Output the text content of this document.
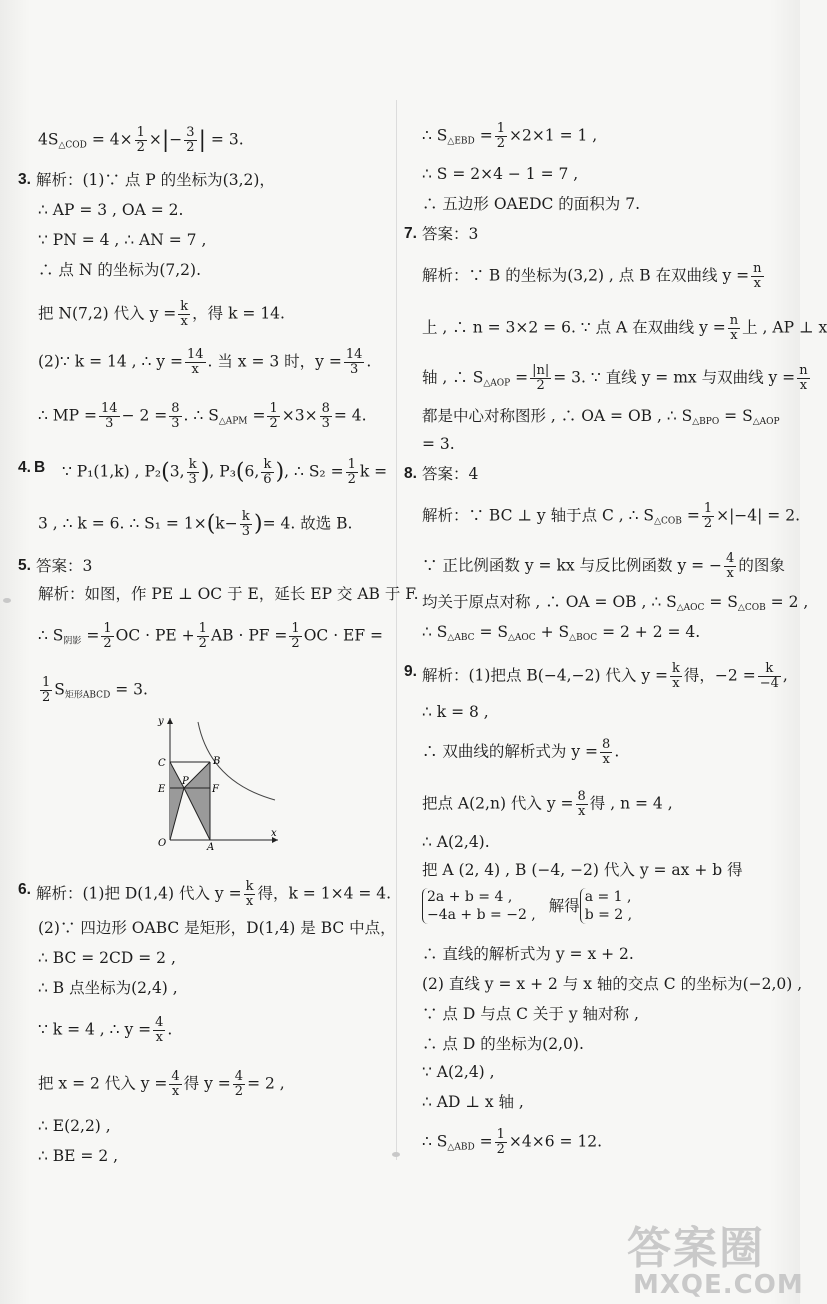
$4S_{\triangle COD} = 4\times \frac{1}{2}$ ×|− $\frac{3}{2}$ | = 3.
3. 解析：(1)∵ 点 P 的坐标为(3,2)，
∴ AP = 3 , OA = 2.
∵ PN = 4 , ∴ AN = 7 ,
∴ 点 N 的坐标为(7,2).
把 N(7,2) 代入 $y = \frac{k}{x}$ ，得 k = 14.
(2)∵ k = 14 , ∴ $y = \frac{14}{x}$ . 当 x = 3 时，$y = \frac{14}{3}$ .
∴ MP = $\frac{14}{3} - 2 = \frac{8}{3}$ . ∴ $S_{\triangle APM} = \frac{1}{2} \times 3\times \frac{8}{3} = 4$.
4. B ∵ P₁(1,k) , P₂(3, $\frac{k}{3}$ ), P₃(6, $\frac{k}{6}$ ), ∴ $S_2 = \frac{1}{2}$ k =
3 , ∴ k = 6. ∴ $S_1 = 1\times(k- \frac{k}{3}$ )= 4. 故选 B.
5. 答案：3
解析：如图，作 PE ⊥ OC 于 E，延长 EP 交 AB 于 F.
∴ $S_{阴影} = \frac{1}{2}$ OC · PE + $\frac{1}{2}$ AB · PF = $\frac{1}{2}$ OC · EF =
$\frac{1}{2} S_{矩形ABCD} = 3$.
y
C	B
E
P
F
O	A
x
6. 解析：(1)把 D(1,4) 代入 $y = \frac{k}{x}$ 得，k = 1×4 = 4.
(2)∵ 四边形 OABC 是矩形，D(1,4) 是 BC 中点，
∴ BC = 2CD = 2 ,
∴ B 点坐标为(2,4) ,
∵ k = 4 , ∴ $y = \frac{4}{x}$ .
把 x = 2 代入 $y = \frac{4}{x}$ 得 $y = \frac{4}{2} = 2$ ,
∴ E(2,2) ,
∴ BE = 2 ,
∴ $S_{\triangle EBD} = \frac{1}{2} \times 2\times 1 = 1$ ,
∴ S = 2×4 − 1 = 7 ,
∴ 五边形 OAEDC 的面积为 7.
7. 答案：3
解析：∵ B 的坐标为(3,2) , 点 B 在双曲线 $y = \frac{n}{x}$
上 , ∴ n = 3×2 = 6. ∵ 点 A 在双曲线 $y = \frac{n}{x}$ 上 , AP ⊥ x
轴 , ∴ $S_{\triangle AOP} = \frac{|n|}{2} = 3$. ∵ 直线 y = mx 与双曲线 $y = \frac{n}{x}$
都是中心对称图形 , ∴ OA = OB , ∴ $S_{\triangle BPO} = S_{\triangle AOP}$
= 3.
8. 答案：4
解析：∵ BC ⊥ y 轴于点 C , ∴ $S_{\triangle COB} = \frac{1}{2} \times|-4| = 2$.
∵ 正比例函数 y = kx 与反比例函数 y = − $\frac{4}{x}$ 的图象
均关于原点对称 , ∴ OA = OB , ∴ $S_{\triangle AOC} = S_{\triangle COB} = 2$ ,
∴ $S_{\triangle ABC} = S_{\triangle AOC} + S_{\triangle BOC} = 2 + 2 = 4$.
9. 解析：(1)把点 B(−4,−2) 代入 $y = \frac{k}{x}$ 得，$-2 = \frac{k}{-4}$ ,
∴ k = 8 ,
∴ 双曲线的解析式为 $y = \frac{8}{x}$ .
把点 A(2,n) 代入 $y = \frac{8}{x}$ 得 , n = 4 ,
∴ A(2,4).
把 A (2, 4) , B (−4, −2) 代入 y = ax + b 得
2a + b = 4 ,
−4a + b = −2 , 解得 a = 1 ,
b = 2 ,
∴ 直线的解析式为 y = x + 2.
(2) 直线 y = x + 2 与 x 轴的交点 C 的坐标为(−2,0) ,
∵ 点 D 与点 C 关于 y 轴对称 ,
∴ 点 D 的坐标为(2,0).
∵ A(2,4) ,
∴ AD ⊥ x 轴 ,
∴ $S_{\triangle ABD} = \frac{1}{2} \times 4\times 6 = 12$.
答案圈
MXQE.COM
